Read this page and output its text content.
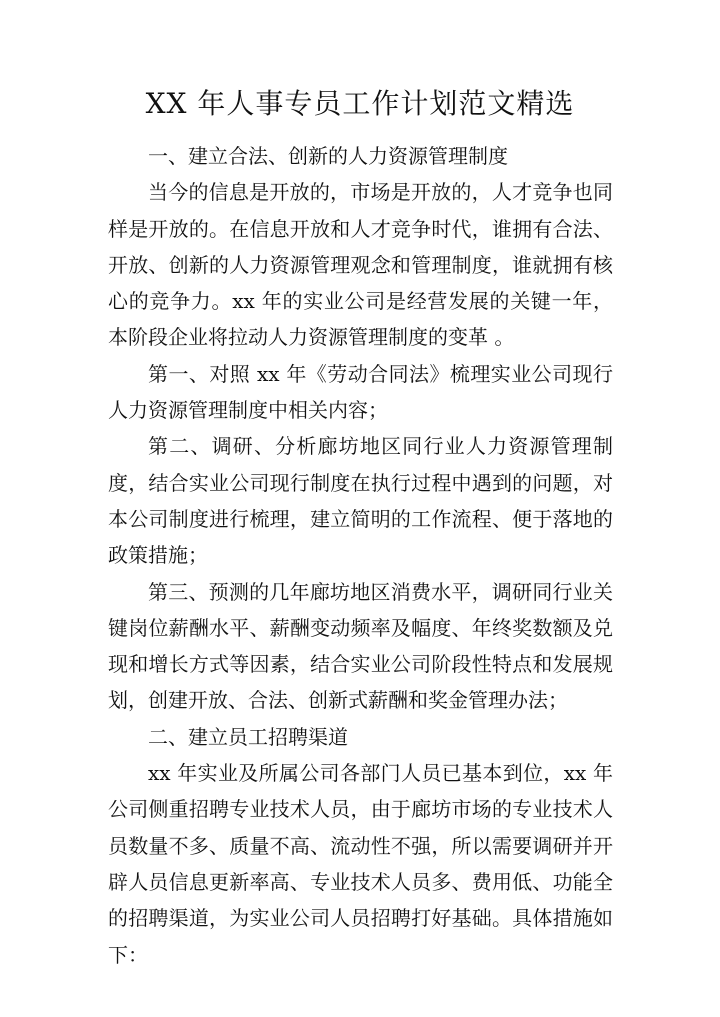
XX 年人事专员工作计划范文精选

一、建立合法、创新的人力资源管理制度

当今的信息是开放的，市场是开放的，人才竞争也同样是开放的。在信息开放和人才竞争时代，谁拥有合法、开放、创新的人力资源管理观念和管理制度，谁就拥有核心的竞争力。xx 年的实业公司是经营发展的关键一年，本阶段企业将拉动人力资源管理制度的变革 。

第一、对照 xx 年《劳动合同法》梳理实业公司现行人力资源管理制度中相关内容；

第二、调研、分析廊坊地区同行业人力资源管理制度，结合实业公司现行制度在执行过程中遇到的问题，对本公司制度进行梳理，建立简明的工作流程、便于落地的政策措施；

第三、预测的几年廊坊地区消费水平，调研同行业关键岗位薪酬水平、薪酬变动频率及幅度、年终奖数额及兑现和增长方式等因素，结合实业公司阶段性特点和发展规划，创建开放、合法、创新式薪酬和奖金管理办法；

二、建立员工招聘渠道

xx 年实业及所属公司各部门人员已基本到位，xx 年公司侧重招聘专业技术人员，由于廊坊市场的专业技术人员数量不多、质量不高、流动性不强，所以需要调研并开辟人员信息更新率高、专业技术人员多、费用低、功能全的招聘渠道，为实业公司人员招聘打好基础。具体措施如下：
